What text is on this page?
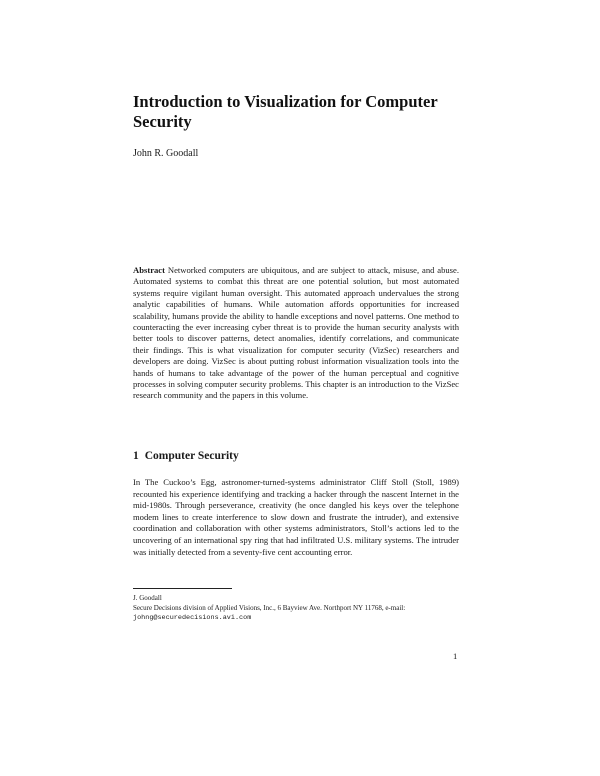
Introduction to Visualization for Computer Security

John R. Goodall

Abstract Networked computers are ubiquitous, and are subject to attack, misuse, and abuse. Automated systems to combat this threat are one potential solution, but most automated systems require vigilant human oversight. This automated approach undervalues the strong analytic capabilities of humans. While automation affords opportunities for increased scalability, humans provide the ability to handle exceptions and novel patterns. One method to counteracting the ever increasing cyber threat is to provide the human security analysts with better tools to discover patterns, detect anomalies, identify correlations, and communicate their findings. This is what visualization for computer security (VizSec) researchers and developers are doing. VizSec is about putting robust information visualization tools into the hands of humans to take advantage of the power of the human perceptual and cognitive processes in solving computer security problems. This chapter is an introduction to the VizSec research community and the papers in this volume.

1 Computer Security

In The Cuckoo’s Egg, astronomer-turned-systems administrator Cliff Stoll (Stoll, 1989) recounted his experience identifying and tracking a hacker through the nascent Internet in the mid-1980s. Through perseverance, creativity (he once dangled his keys over the telephone modem lines to create interference to slow down and frustrate the intruder), and extensive coordination and collaboration with other systems administrators, Stoll’s actions led to the uncovering of an international spy ring that had infiltrated U.S. military systems. The intruder was initially detected from a seventy-five cent accounting error.

J. Goodall
Secure Decisions division of Applied Visions, Inc., 6 Bayview Ave. Northport NY 11768, e-mail:
johng@securedecisions.avi.com

1
